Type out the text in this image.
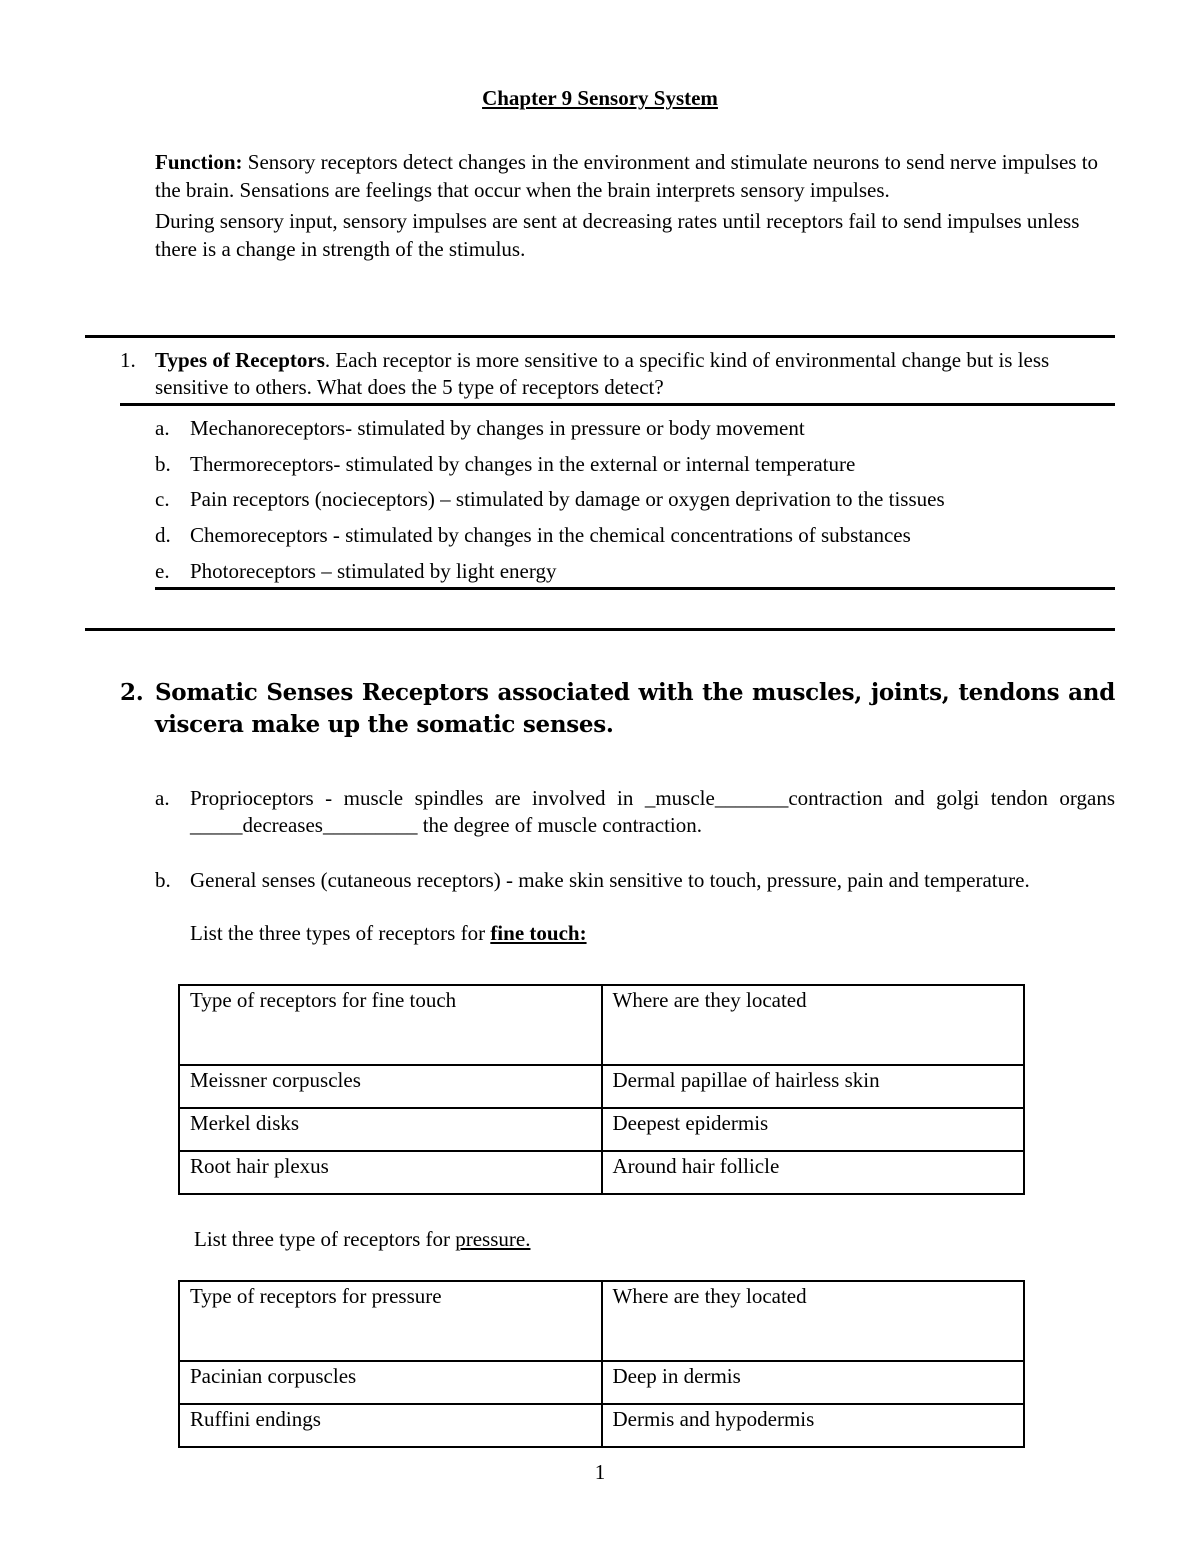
Chapter 9 Sensory System
Function: Sensory receptors detect changes in the environment and stimulate neurons to send nerve impulses to the brain. Sensations are feelings that occur when the brain interprets sensory impulses.
During sensory input, sensory impulses are sent at decreasing rates until receptors fail to send impulses unless there is a change in strength of the stimulus.
1. Types of Receptors. Each receptor is more sensitive to a specific kind of environmental change but is less sensitive to others. What does the 5 type of receptors detect?
a. Mechanoreceptors- stimulated by changes in pressure or body movement
b. Thermoreceptors- stimulated by changes in the external or internal temperature
c. Pain receptors (nocieceptors) – stimulated by damage or oxygen deprivation to the tissues
d. Chemoreceptors - stimulated by changes in the chemical concentrations of substances
e. Photoreceptors – stimulated by light energy
2. Somatic Senses Receptors associated with the muscles, joints, tendons and viscera make up the somatic senses.
a. Proprioceptors - muscle spindles are involved in _muscle_______contraction and golgi tendon organs _____decreases_________ the degree of muscle contraction.
b. General senses (cutaneous receptors) - make skin sensitive to touch, pressure, pain and temperature.
List the three types of receptors for fine touch:
Type of receptors for fine touch	Where are they located
Meissner corpuscles	Dermal papillae of hairless skin
Merkel disks	Deepest epidermis
Root hair plexus	Around hair follicle
List three type of receptors for pressure.
Type of receptors for pressure	Where are they located
Pacinian corpuscles	Deep in dermis
Ruffini endings	Dermis and hypodermis
1
